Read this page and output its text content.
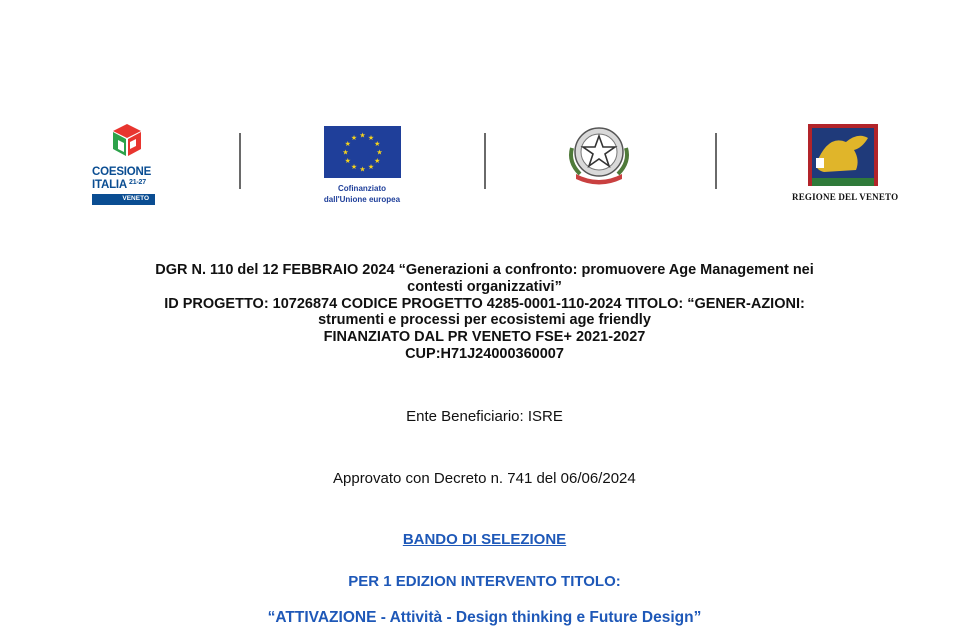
COESIONE
ITALIA $^{21-27}$
VENETO
★ ★
★
★
★
★
★
★
★
★
★
★
Cofinanziato
dall'Unione europea	REGIONE DEL VENETO
DGR N. 110 del 12 FEBBRAIO 2024 “Generazioni a confronto: promuovere Age Management nei
contesti organizzativi”
ID PROGETTO: 10726874 CODICE PROGETTO 4285-0001-110-2024 TITOLO: “GENER-AZIONI:
strumenti e processi per ecosistemi age friendly
FINANZIATO DAL PR VENETO FSE+ 2021-2027
CUP:H71J24000360007
Ente Beneficiario: ISRE
Approvato con Decreto n. 741 del 06/06/2024
BANDO DI SELEZIONE
PER 1 EDIZION INTERVENTO TITOLO:
“ATTIVAZIONE - Attività - Design thinking e Future Design”
